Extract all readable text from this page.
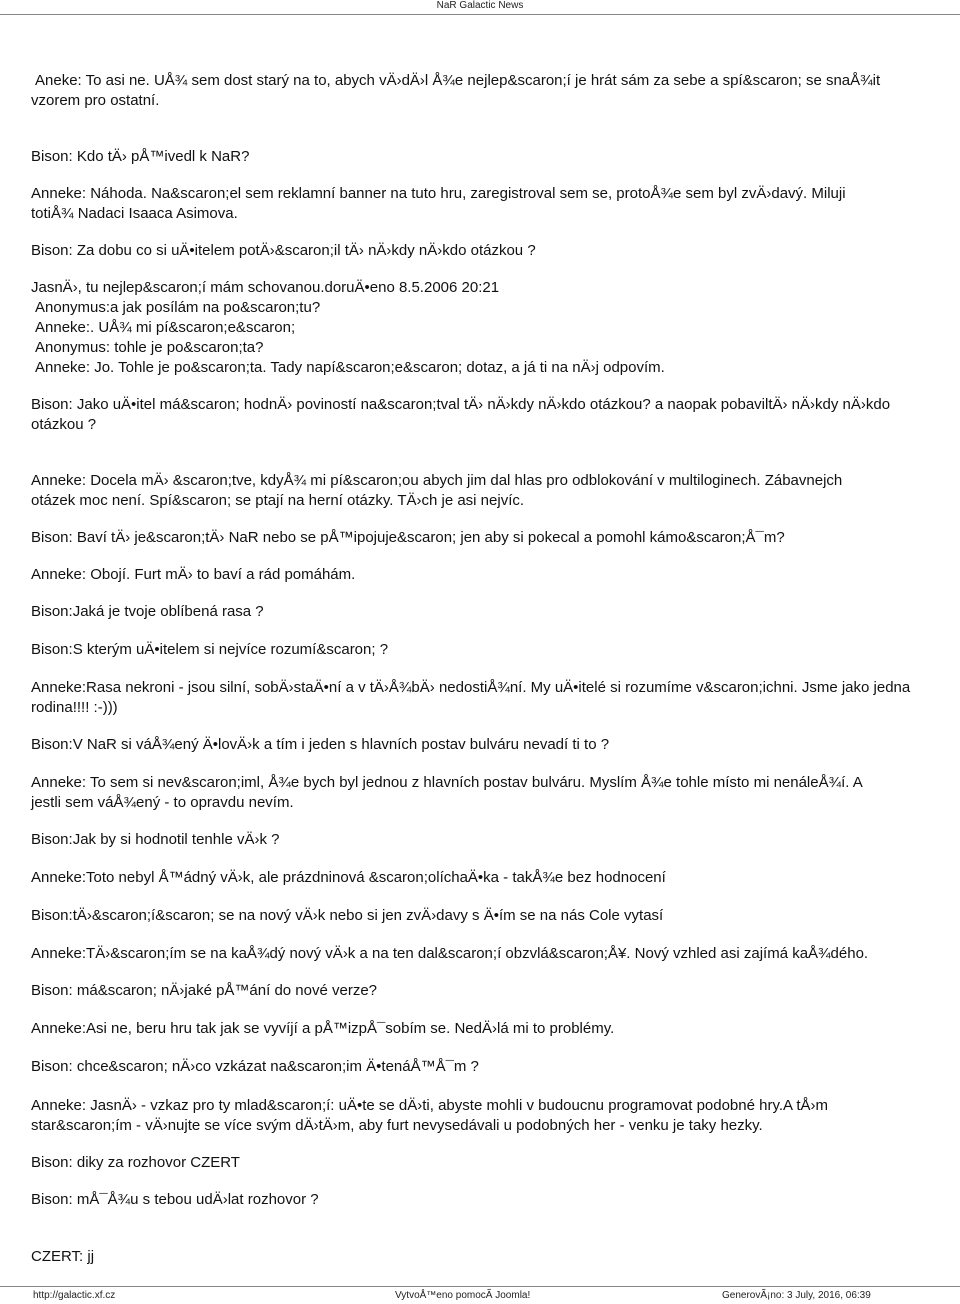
NaR Galactic News
Aneke: To asi ne. UÅ¾ sem dost starý na to, abych vÄ›dÄ›l Å¾e nejlep&scaron;í je hrát sám za sebe a spí&scaron; se snaÅ¾it
vzorem pro ostatní.
Bison: Kdo tÄ› pÅ™ivedl k NaR?
Anneke: Náhoda. Na&scaron;el sem reklamní banner na tuto hru, zaregistroval sem se, protoÅ¾e sem byl zvÄ›davý. Miluji
totiÅ¾ Nadaci Isaaca Asimova.
Bison: Za dobu co si uÄ•itelem potÄ›&scaron;il tÄ› nÄ›kdy nÄ›kdo otázkou ?
JasnÄ›, tu nejlep&scaron;í mám schovanou.doruÄ•eno 8.5.2006 20:21
Anonymus:a jak posílám na po&scaron;tu?
Anneke:. UÅ¾ mi pí&scaron;e&scaron;
Anonymus: tohle je po&scaron;ta?
Anneke: Jo. Tohle je po&scaron;ta. Tady napí&scaron;e&scaron; dotaz, a já ti na nÄ›j odpovím.
Bison: Jako uÄ•itel má&scaron; hodnÄ› poviností na&scaron;tval tÄ› nÄ›kdy nÄ›kdo otázkou? a naopak pobaviltÄ› nÄ›kdy nÄ›kdo
otázkou ?
Anneke: Docela mÄ› &scaron;tve, kdyÅ¾ mi pí&scaron;ou abych jim dal hlas pro odblokování v multiloginech. Zábavnejch
otázek moc není. Spí&scaron; se ptají na herní otázky. TÄ›ch je asi nejvíc.
Bison: Baví tÄ› je&scaron;tÄ› NaR nebo se pÅ™ipojuje&scaron; jen aby si pokecal a pomohl kámo&scaron;Å¯m?
Anneke: Obojí. Furt mÄ› to baví a rád pomáhám.
Bison:Jaká je tvoje oblíbená rasa ?
Bison:S kterým uÄ•itelem si nejvíce rozumí&scaron; ?
Anneke:Rasa nekroni - jsou silní, sobÄ›staÄ•ní a v tÄ›Å¾bÄ› nedostiÅ¾ní. My uÄ•itelé si rozumíme v&scaron;ichni. Jsme jako jedna
rodina!!!! :-)))
Bison:V NaR si váÅ¾ený Ä•lovÄ›k a tím i jeden s hlavních postav bulváru nevadí ti to ?
Anneke: To sem si nev&scaron;iml, Å¾e bych byl jednou z hlavních postav bulváru. Myslím Å¾e tohle místo mi nenáleÅ¾í. A
jestli sem váÅ¾ený - to opravdu nevím.
Bison:Jak by si hodnotil tenhle vÄ›k ?
Anneke:Toto nebyl Å™ádný vÄ›k, ale prázdninová &scaron;olíchaÄ•ka - takÅ¾e bez hodnocení
Bison:tÄ›&scaron;í&scaron; se na nový vÄ›k nebo si jen zvÄ›davy s Ä•ím se na nás Cole vytasí
Anneke:TÄ›&scaron;ím se na kaÅ¾dý nový vÄ›k a na ten dal&scaron;í obzvlá&scaron;Å¥. Nový vzhled asi zajímá kaÅ¾dého.
Bison: má&scaron; nÄ›jaké pÅ™ání do nové verze?
Anneke:Asi ne, beru hru tak jak se vyvíjí a pÅ™izpÅ¯sobím se. NedÄ›lá mi to problémy.
Bison: chce&scaron; nÄ›co vzkázat na&scaron;im Ä•tenáÅ™Å¯m ?
Anneke: JasnÄ› - vzkaz pro ty mlad&scaron;í: uÄ•te se dÄ›ti, abyste mohli v budoucnu programovat podobné hry.A tÅ›m
star&scaron;ím - vÄ›nujte se více svým dÄ›tÄ›m, aby furt nevysedávali u podobných her - venku je taky hezky.
Bison: diky za rozhovor CZERT
Bison: mÅ¯Å¾u s tebou udÄ›lat rozhovor ?
CZERT: jj
http://galactic.xf.cz	VytvoÅ™eno pomocÃ Joomla!	GenerovÃ¡no: 3 July, 2016, 06:39
